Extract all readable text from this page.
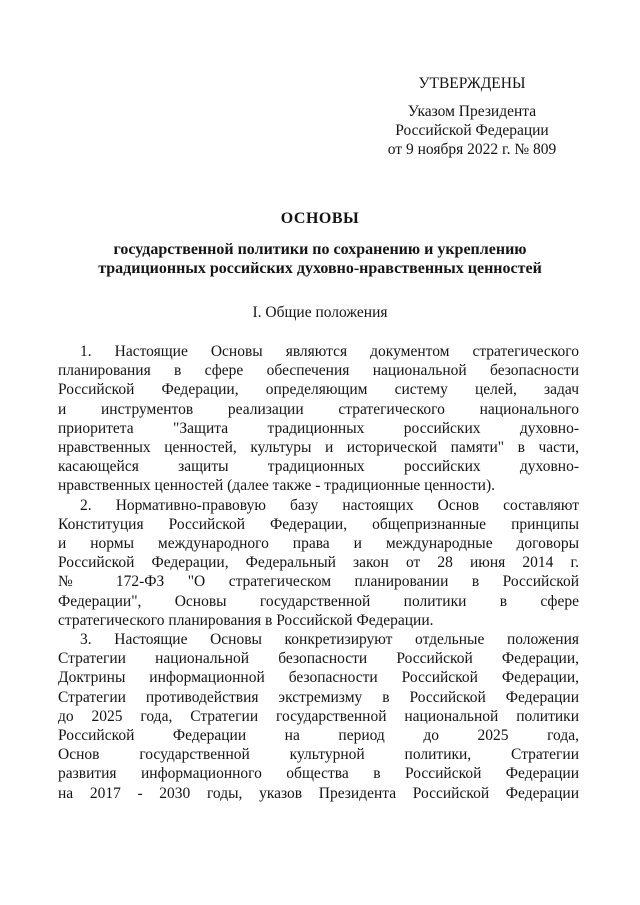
УТВЕРЖДЕНЫ
Указом Президента
Российской Федерации
от 9 ноября 2022 г. № 809
ОСНОВЫ
государственной политики по сохранению и укреплению
традиционных российских духовно-нравственных ценностей
I. Общие положения
1. Настоящие Основы являются документом стратегического
планирования в сфере обеспечения национальной безопасности
Российской Федерации, определяющим систему целей, задач
и инструментов реализации стратегического национального
приоритета "Защита традиционных российских духовно-
нравственных ценностей, культуры и исторической памяти" в части,
касающейся защиты традиционных российских духовно-
нравственных ценностей (далее также - традиционные ценности).
2. Нормативно-правовую базу настоящих Основ составляют
Конституция Российской Федерации, общепризнанные принципы
и нормы международного права и международные договоры
Российской Федерации, Федеральный закон от 28 июня 2014 г.
№ 172-ФЗ "О стратегическом планировании в Российской
Федерации", Основы государственной политики в сфере
стратегического планирования в Российской Федерации.
3. Настоящие Основы конкретизируют отдельные положения
Стратегии национальной безопасности Российской Федерации,
Доктрины информационной безопасности Российской Федерации,
Стратегии противодействия экстремизму в Российской Федерации
до 2025 года, Стратегии государственной национальной политики
Российской Федерации на период до 2025 года,
Основ государственной культурной политики, Стратегии
развития информационного общества в Российской Федерации
на 2017 - 2030 годы, указов Президента Российской Федерации
